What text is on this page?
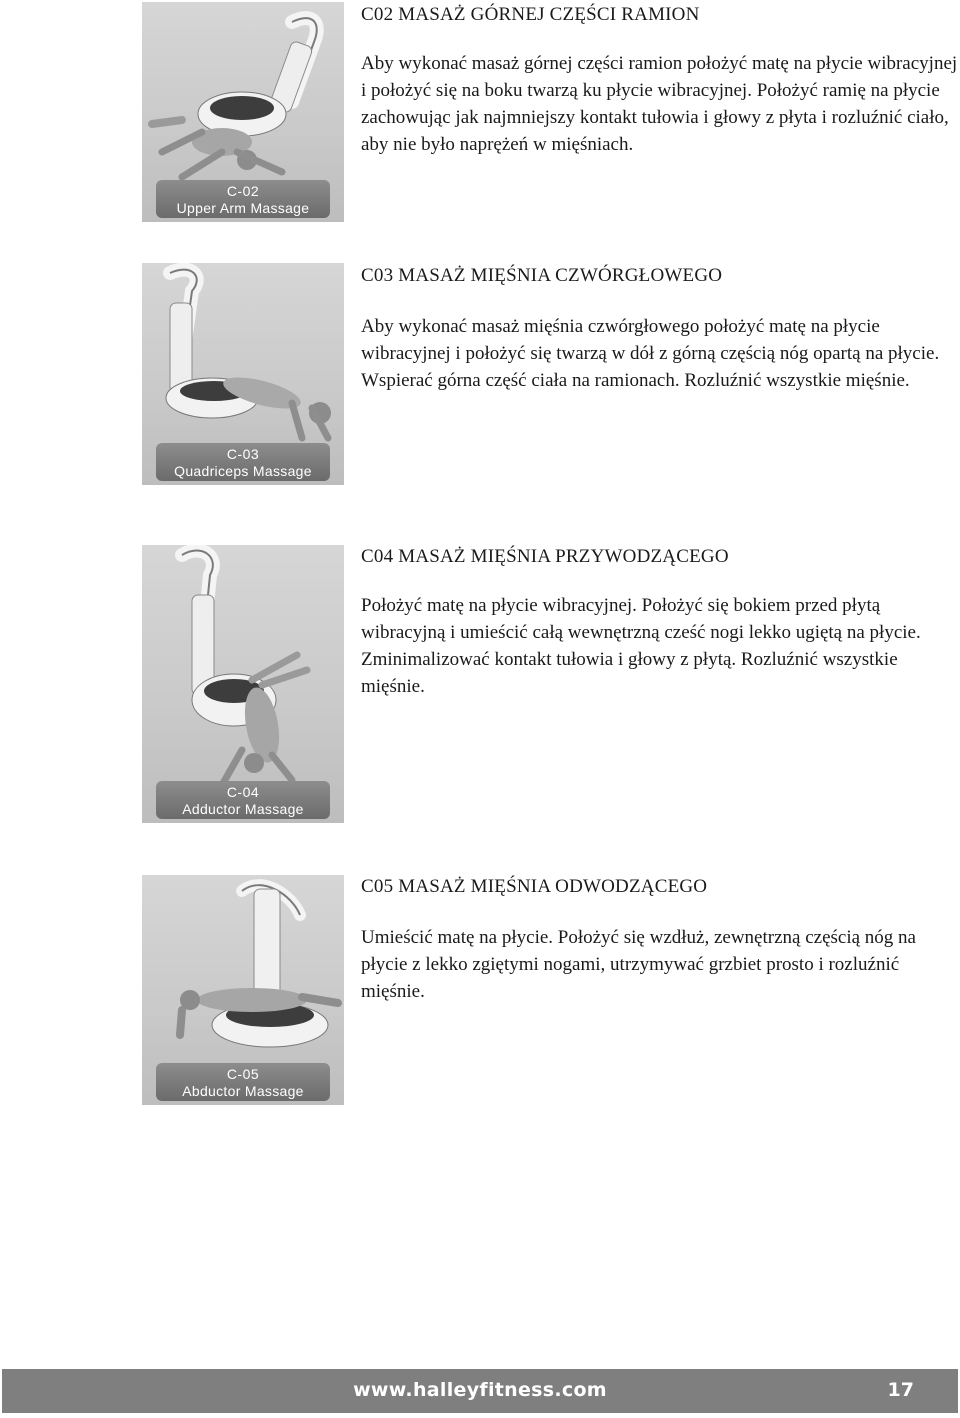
C-02
Upper Arm Massage
C02 MASAŻ GÓRNEJ CZĘŚCI RAMION
Aby wykonać masaż górnej części ramion położyć matę na płycie wibracyjnej i położyć się na boku twarzą ku płycie wibracyjnej. Położyć ramię na płycie zachowując jak najmniejszy kontakt tułowia i głowy z płyta i rozluźnić ciało, aby nie było naprężeń w mięśniach.
C-03
Quadriceps Massage
C03 MASAŻ MIĘŚNIA CZWÓRGŁOWEGO
Aby wykonać masaż mięśnia czwórgłowego położyć matę na płycie wibracyjnej i położyć się twarzą w dół z górną częścią nóg opartą na płycie. Wspierać górna część ciała na ramionach. Rozluźnić wszystkie mięśnie.
C-04
Adductor Massage
C04 MASAŻ MIĘŚNIA PRZYWODZĄCEGO
Położyć matę na płycie wibracyjnej. Położyć się bokiem przed płytą wibracyjną i umieścić całą wewnętrzną cześć nogi lekko ugiętą na płycie. Zminimalizować kontakt tułowia i głowy z płytą. Rozluźnić wszystkie mięśnie.
C-05
Abductor Massage
C05 MASAŻ MIĘŚNIA ODWODZĄCEGO
Umieścić matę na płycie. Położyć się wzdłuż, zewnętrzną częścią nóg na płycie z lekko zgiętymi nogami, utrzymywać grzbiet prosto i rozluźnić mięśnie.
www.halleyfitness.com	17
